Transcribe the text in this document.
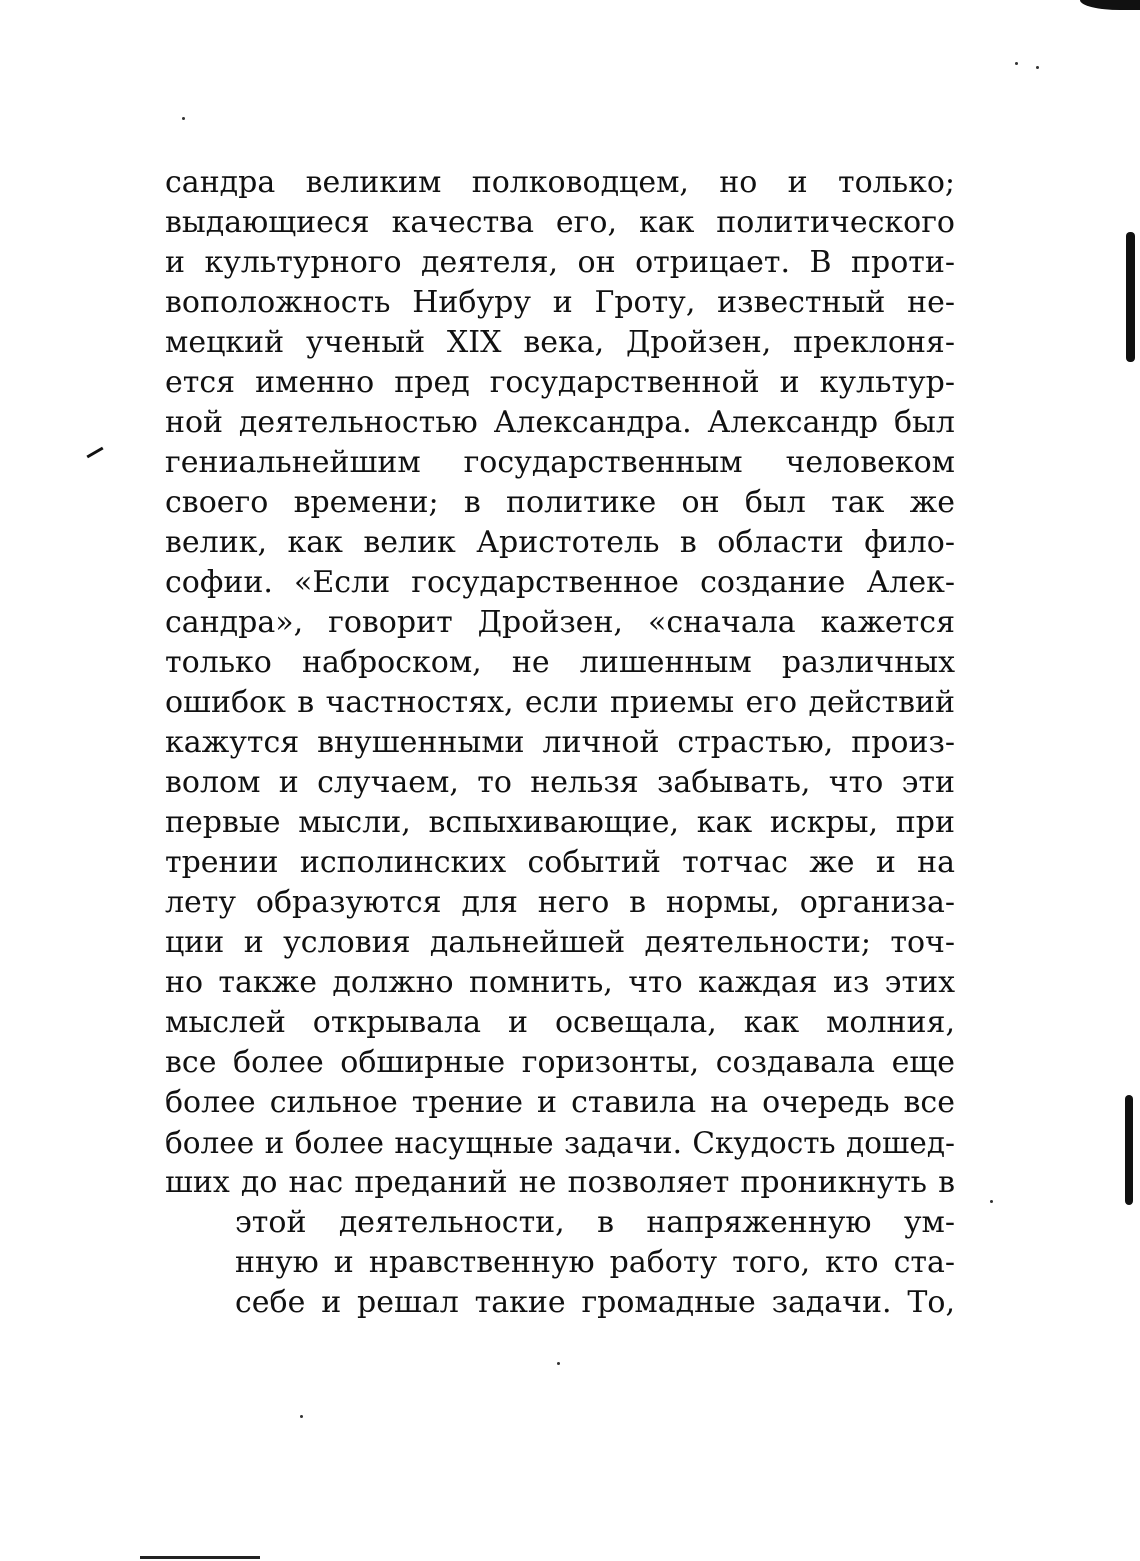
сандра великим полководцем, но и только;
выдающиеся качества его, как политического
и культурного деятеля, он отрицает. В проти-
воположность Нибуру и Гроту, известный не-
мецкий ученый XIX века, Дройзен, преклоня-
ется именно пред государственной и культур-
ной деятельностью Александра. Александр был
гениальнейшим государственным человеком
своего времени; в политике он был так же
велик, как велик Аристотель в области фило-
софии. «Если государственное создание Алек-
сандра», говорит Дройзен, «сначала кажется
только наброском, не лишенным различных
ошибок в частностях, если приемы его действий
кажутся внушенными личной страстью, произ-
волом и случаем, то нельзя забывать, что эти
первые мысли, вспыхивающие, как искры, при
трении исполинских событий тотчас же и на
лету образуются для него в нормы, организа-
ции и условия дальнейшей деятельности; точ-
но также должно помнить, что каждая из этих
мыслей открывала и освещала, как молния,
все более обширные горизонты, создавала еще
более сильное трение и ставила на очередь все
более и более насущные задачи. Скудость дошед-
ших до нас преданий не позволяет проникнуть в
этой деятельности, в напряженную ум-
нную и нравственную работу того, кто ста-
себе и решал такие громадные задачи. То,
